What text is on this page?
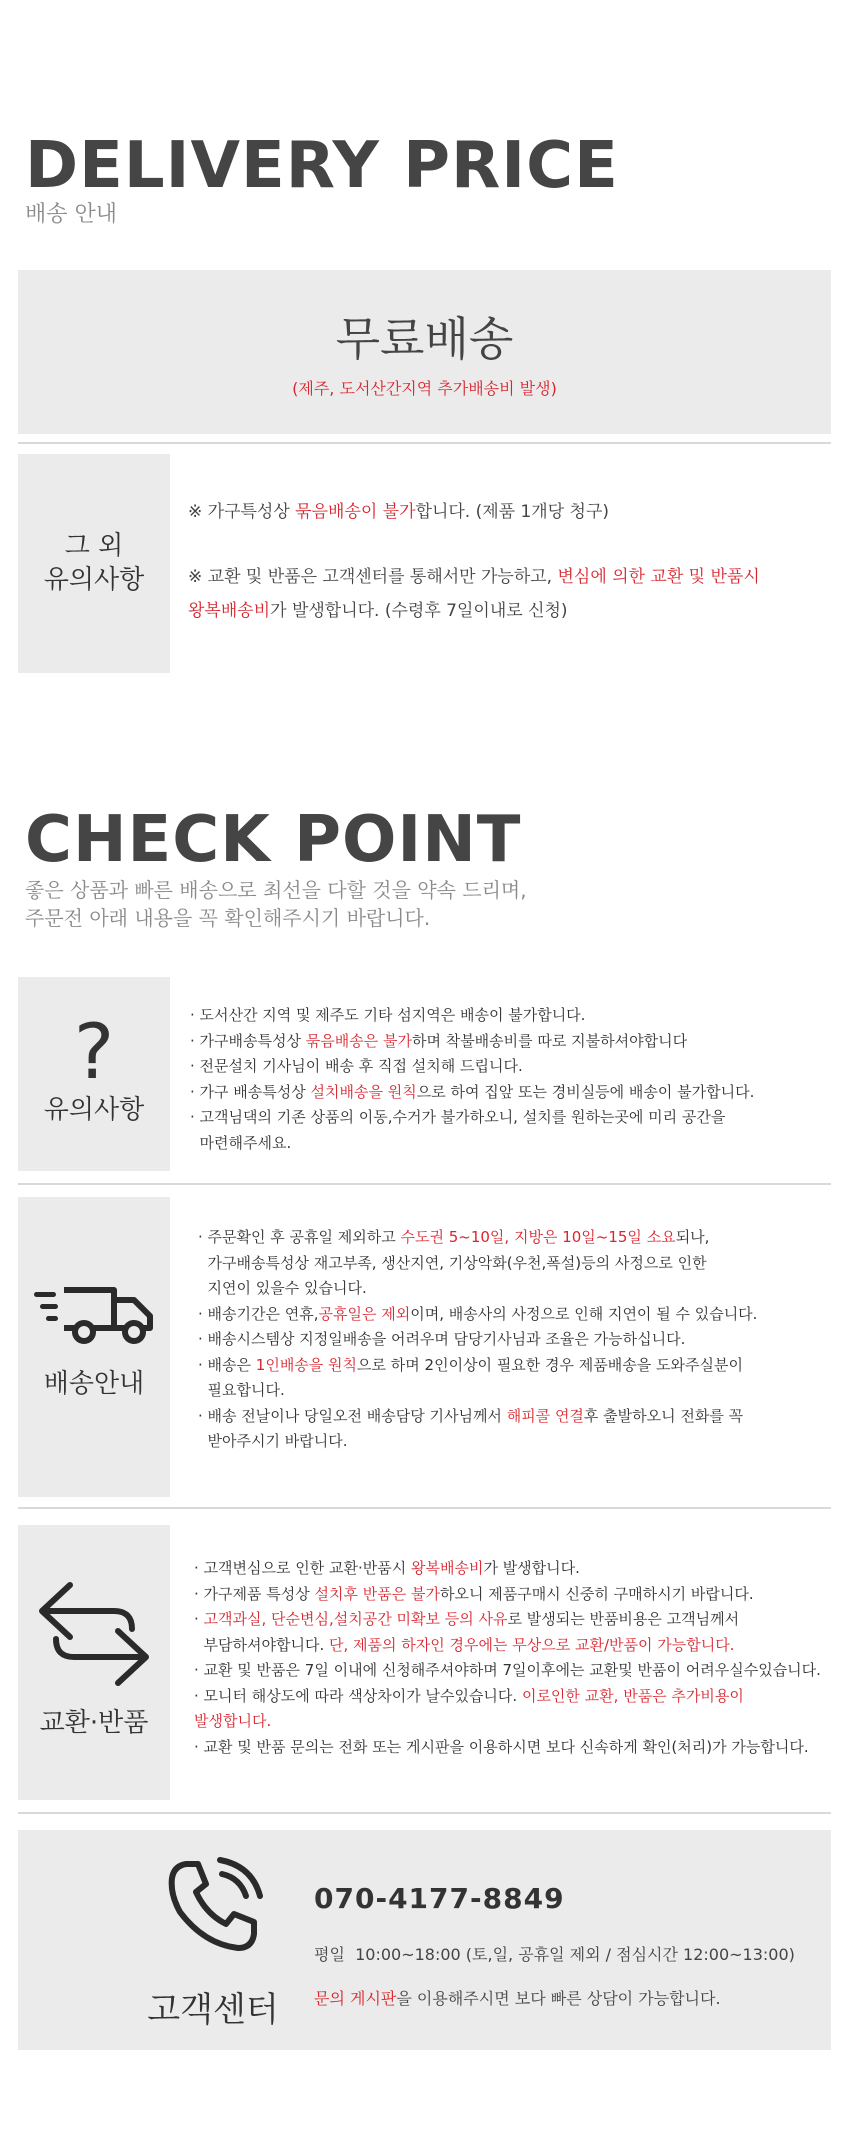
DELIVERY PRICE
배송 안내
무료배송
(제주, 도서산간지역 추가배송비 발생)
그 외
유의사항
※ 가구특성상 묶음배송이 불가합니다. (제품 1개당 청구)
※ 교환 및 반품은 고객센터를 통해서만 가능하고, 변심에 의한 교환 및 반품시
왕복배송비가 발생합니다. (수령후 7일이내로 신청)
CHECK POINT
좋은 상품과 빠른 배송으로 최선을 다할 것을 약속 드리며,
주문전 아래 내용을 꼭 확인해주시기 바랍니다.
?
유의사항
· 도서산간 지역 및 제주도 기타 섬지역은 배송이 불가합니다.
· 가구배송특성상 묶음배송은 불가하며 착불배송비를 따로 지불하셔야합니다
· 전문설치 기사님이 배송 후 직접 설치해 드립니다.
· 가구 배송특성상 설치배송을 원칙으로 하여 집앞 또는 경비실등에 배송이 불가합니다.
· 고객님댁의 기존 상품의 이동,수거가 불가하오니, 설치를 원하는곳에 미리 공간을
마련해주세요.
배송안내
· 주문확인 후 공휴일 제외하고 수도권 5~10일, 지방은 10일~15일 소요되나,
가구배송특성상 재고부족, 생산지연, 기상악화(우천,폭설)등의 사정으로 인한
지연이 있을수 있습니다.
· 배송기간은 연휴,공휴일은 제외이며, 배송사의 사정으로 인해 지연이 될 수 있습니다.
· 배송시스템상 지정일배송을 어려우며 담당기사님과 조율은 가능하십니다.
· 배송은 1인배송을 원칙으로 하며 2인이상이 필요한 경우 제품배송을 도와주실분이
필요합니다.
· 배송 전날이나 당일오전 배송담당 기사님께서 해피콜 연결후 출발하오니 전화를 꼭
받아주시기 바랍니다.
교환·반품
· 고객변심으로 인한 교환·반품시 왕복배송비가 발생합니다.
· 가구제품 특성상 설치후 반품은 불가하오니 제품구매시 신중히 구매하시기 바랍니다.
· 고객과실, 단순변심,설치공간 미확보 등의 사유로 발생되는 반품비용은 고객님께서
부담하셔야합니다. 단, 제품의 하자인 경우에는 무상으로 교환/반품이 가능합니다.
· 교환 및 반품은 7일 이내에 신청해주셔야하며 7일이후에는 교환및 반품이 어려우실수있습니다.
· 모니터 해상도에 따라 색상차이가 날수있습니다. 이로인한 교환, 반품은 추가비용이
발생합니다.
· 교환 및 반품 문의는 전화 또는 게시판을 이용하시면 보다 신속하게 확인(처리)가 가능합니다.
고객센터
070-4177-8849
평일  10:00~18:00 (토,일, 공휴일 제외 / 점심시간 12:00~13:00)
문의 게시판을 이용해주시면 보다 빠른 상담이 가능합니다.
